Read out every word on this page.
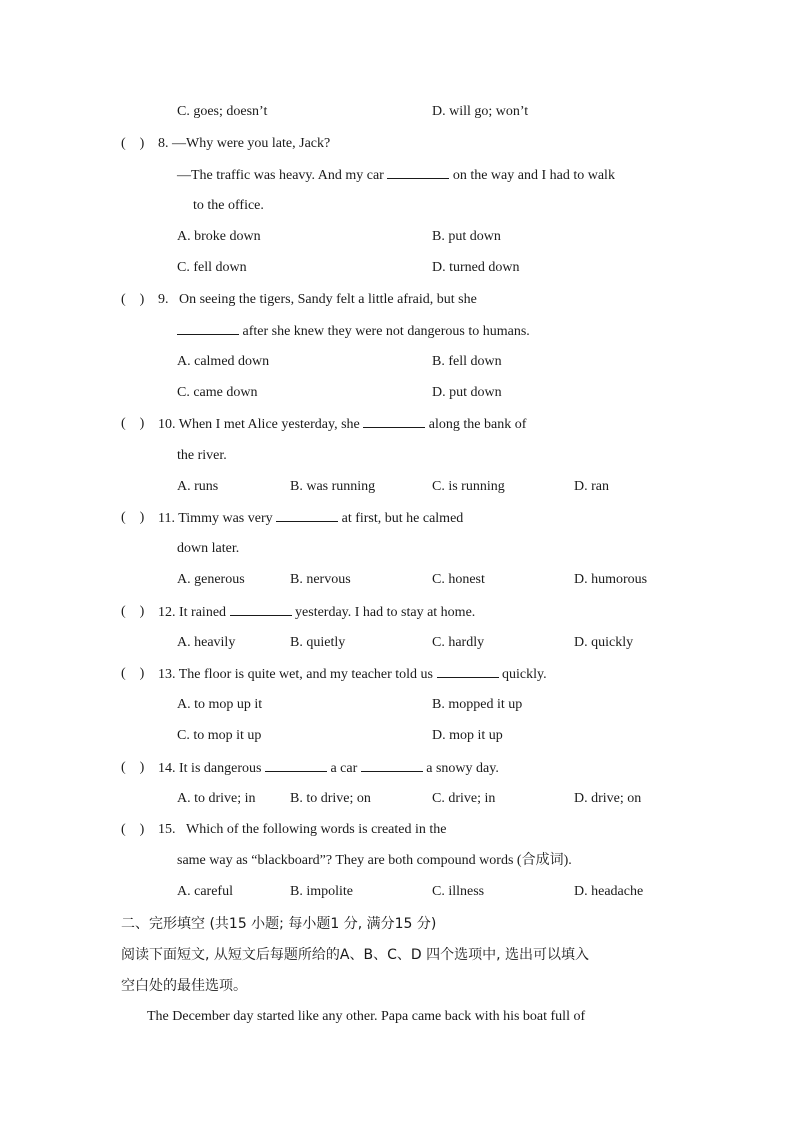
C. goes; doesn’t	D. will go; won’t
(    ) 8. —Why were you late, Jack?
—The traffic was heavy. And my car	on the way and I had to walk
to the office.
A. broke down	B. put down
C. fell down	D. turned down
(    ) 9.   On seeing the tigers, Sandy felt a little afraid, but she
after she knew they were not dangerous to humans.
A. calmed down	B. fell down
C. came down	D. put down
(    ) 10. When I met Alice yesterday, she	along the bank of
the river.
A. runs	B. was running	C. is running	D. ran
(    ) 11. Timmy was very	at first, but he calmed
down later.
A. generous	B. nervous	C. honest	D. humorous
(    ) 12. It rained	yesterday. I had to stay at home.
A. heavily	B. quietly	C. hardly	D. quickly
(    ) 13. The floor is quite wet, and my teacher told us	quickly.
A. to mop up it	B. mopped it up
C. to mop it up	D. mop it up
(    ) 14. It is dangerous	a car	a snowy day.
A. to drive; in B. to drive; on	C. drive; in	D. drive; on
(    ) 15.   Which of the following words is created in the
same way as “blackboard”? They are both compound words (合成词).
A. careful	B. impolite	C. illness	D. headache
二、完形填空 (共15 小题; 每小题1 分, 满分15 分)
阅读下面短文, 从短文后每题所给的A、B、C、D 四个选项中, 选出可以填入
空白处的最佳选项。
The December day started like any other. Papa came back with his boat full of
